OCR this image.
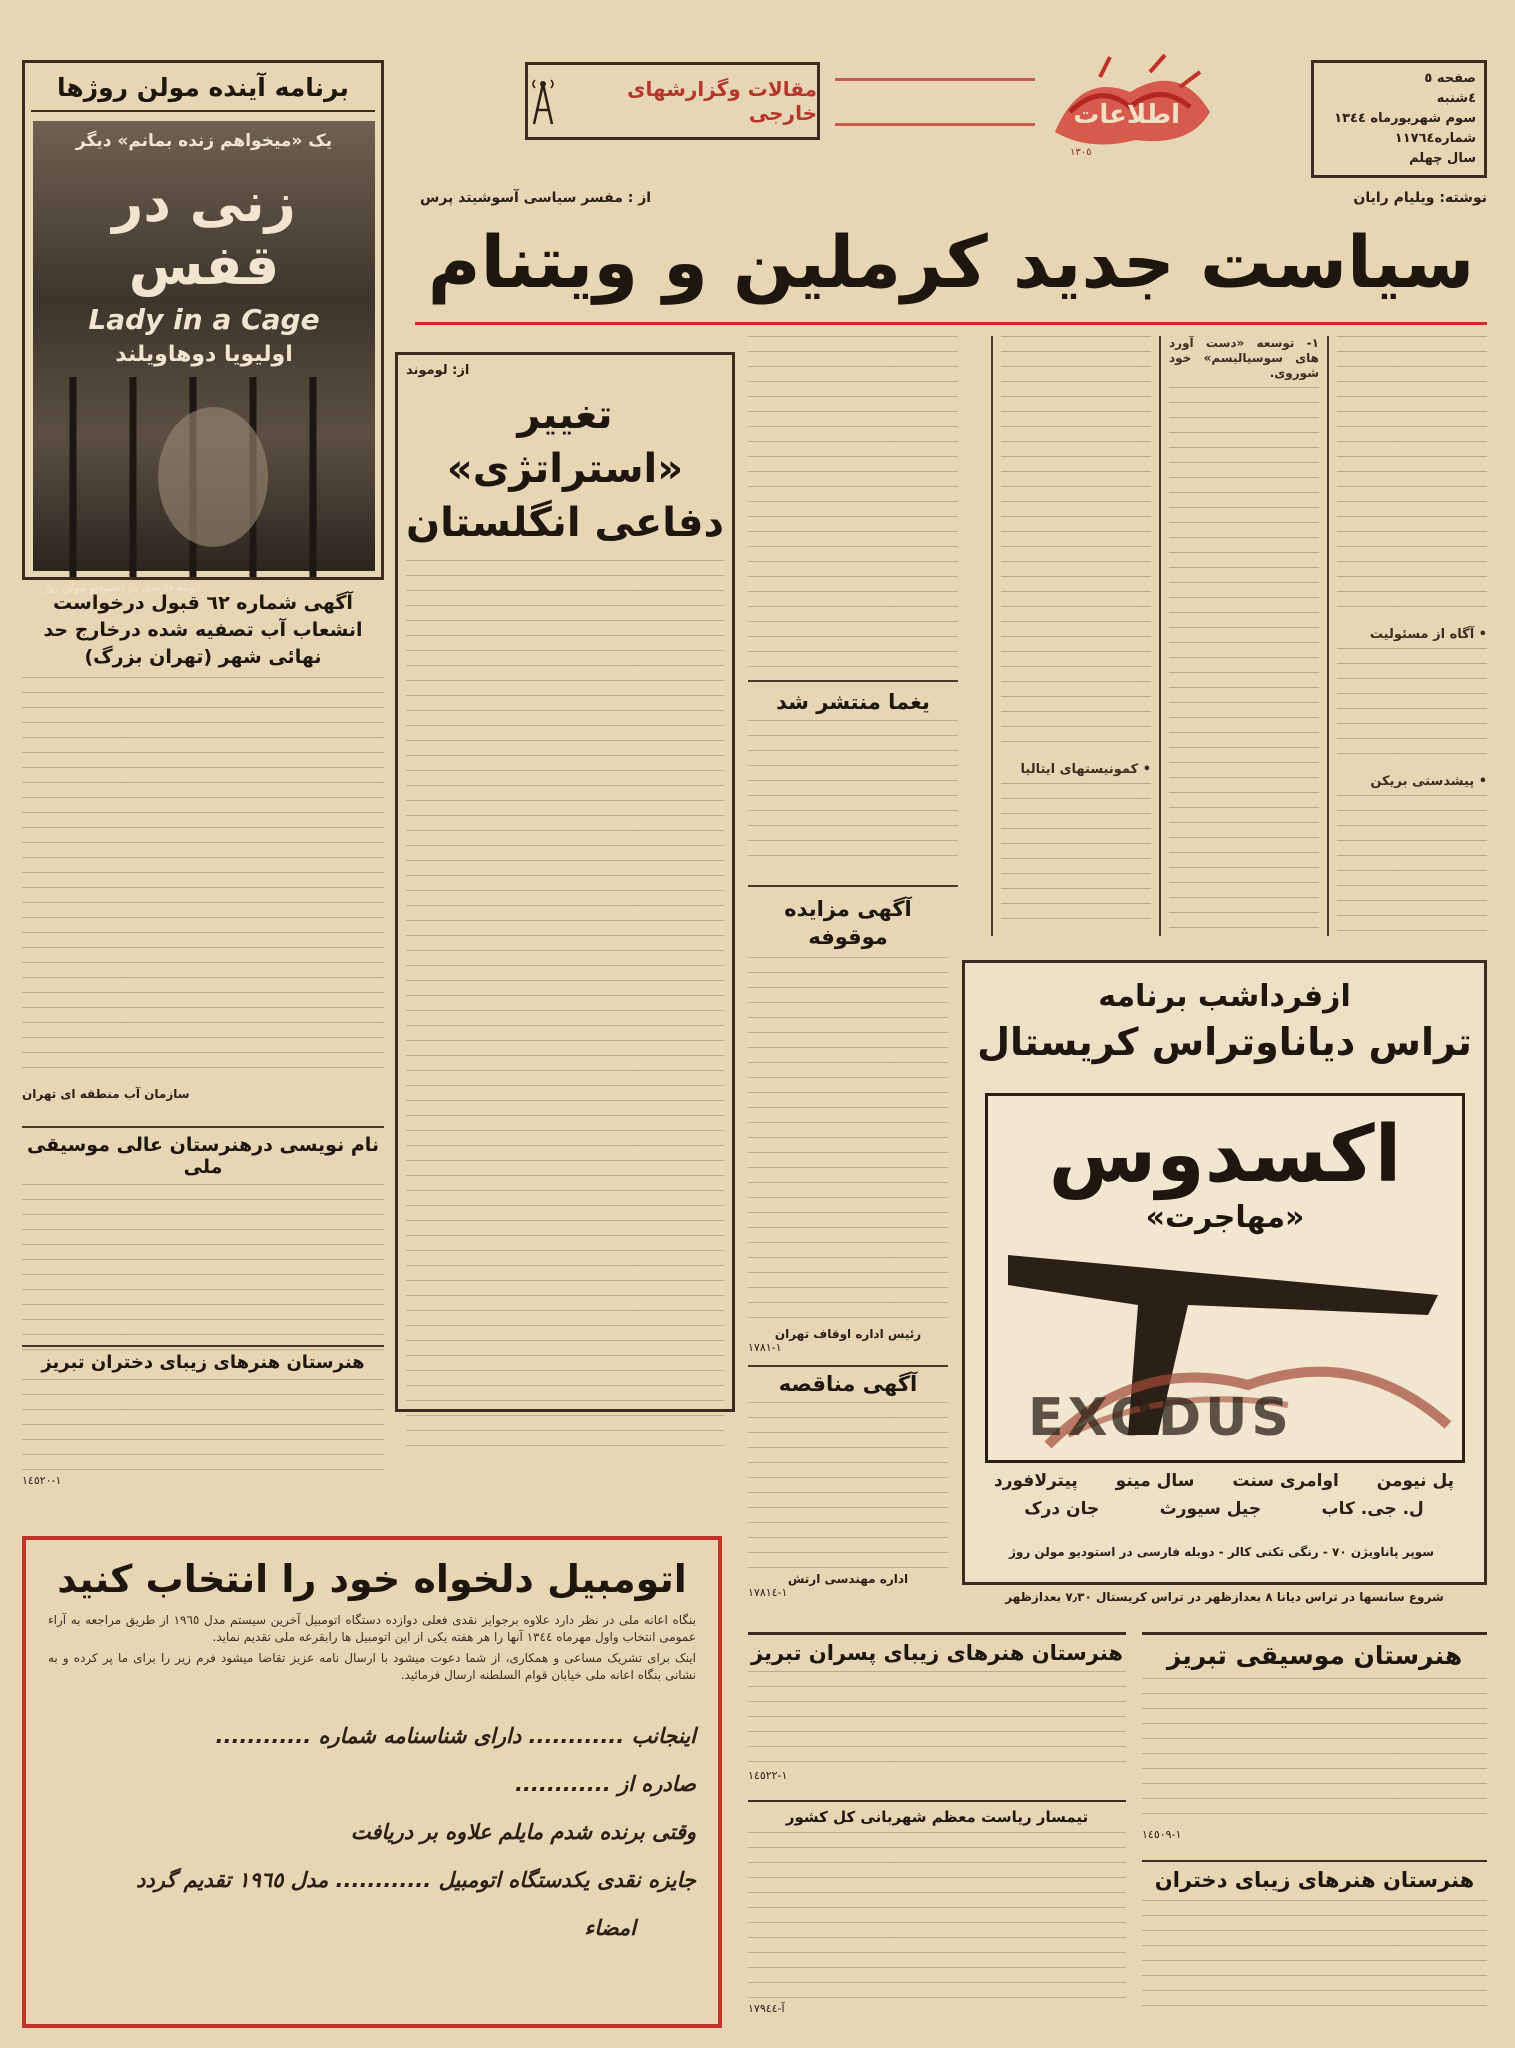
صفحه ٥
٤شنبه
سوم شهریورماه ١٣٤٤
شماره١١٧٦٤
سال چهلم
اطلاعات
١٣٠٥
مقالات وگزارشهای خارجی
برنامه آینده مولن روژها
یک «میخواهم زنده بمانم» دیگر
زنی در قفس
Lady in a Cage
اولیویا دوهاویلند
دوبله فارسی در استودیو مولن روژ
آگهی شماره ٦٢ قبول درخواست انشعاب آب تصفیه شده درخارج حد نهائی شهر (تهران بزرگ)
سازمان آب منطقه ای تهران
نام نویسی درهنرستان عالی موسیقی ملی
هنرستان هنرهای زیبای دختران تبریز
١-١٤٥٢٠
نوشته: ویلیام رایان
از : مفسر سیاسی آسوشیتد پرس
سیاست جدید کرملین و ویتنام
• آگاه از مسئولیت
• پیشدستی بریکن
١- توسعه «دست آورد های سوسیالیسم» خود شوروی.
• کمونیستهای ایتالیا
یغما منتشر شد
از: لوموند
تغییر «استراتژی»
دفاعی انگلستان
آگهی مزایده موقوفه
رئیس اداره اوقاف تهران
١-١٧٨١
آگهی مناقصه
اداره مهندسی ارتش
١-١٧٨١٤
ازفرداشب برنامه
تراس دیاناوتراس کریستال
اکسدوس
«مهاجرت»
EXODUS
پل نیومن
اوامری سنت
سال مینو
پیترلافورد
ل. جی. کاب
جیل سیورث
جان درک
سوپر پاناویژن ٧٠ - رنگی تکنی کالر - دوبله فارسی در استودیو مولن روژ
شروع سانسها در تراس دیانا ٨ بعدازظهر در تراس کریستال ٧٫٣٠ بعدازظهر
اتومبیل دلخواه خود را انتخاب کنید
بنگاه اعانه ملی در نظر دارد علاوه برجوایز نقدی فعلی دوازده دستگاه اتومبیل آخرین سیستم مدل ١٩٦٥ از طریق مراجعه به آراء عمومی انتخاب واول مهرماه ١٣٤٤ آنها را هر هفته یکی از این اتومبیل ها رابقرعه ملی تقدیم نماید.
اینک برای تشریک مساعی و همکاری، از شما دعوت میشود با ارسال نامه عزیز تقاضا میشود فرم زیر را برای ما پر کرده و به نشانی بنگاه اعانه ملی خیابان قوام السلطنه ارسال فرمائید.
اینجانب ............ دارای شناسنامه شماره ............
صادره از ............
وقتی برنده شدم مایلم علاوه بر دریافت
جایزه نقدی یکدستگاه اتومبیل ............ مدل ١٩٦٥ تقدیم گردد
امضاء
هنرستان هنرهای زیبای پسران تبریز
١-١٤٥٢٢
تیمسار ریاست معظم شهربانی کل کشور
آ-١٧٩٤٤
هنرستان موسیقی تبریز
١-١٤٥٠٩
هنرستان هنرهای زیبای دختران
